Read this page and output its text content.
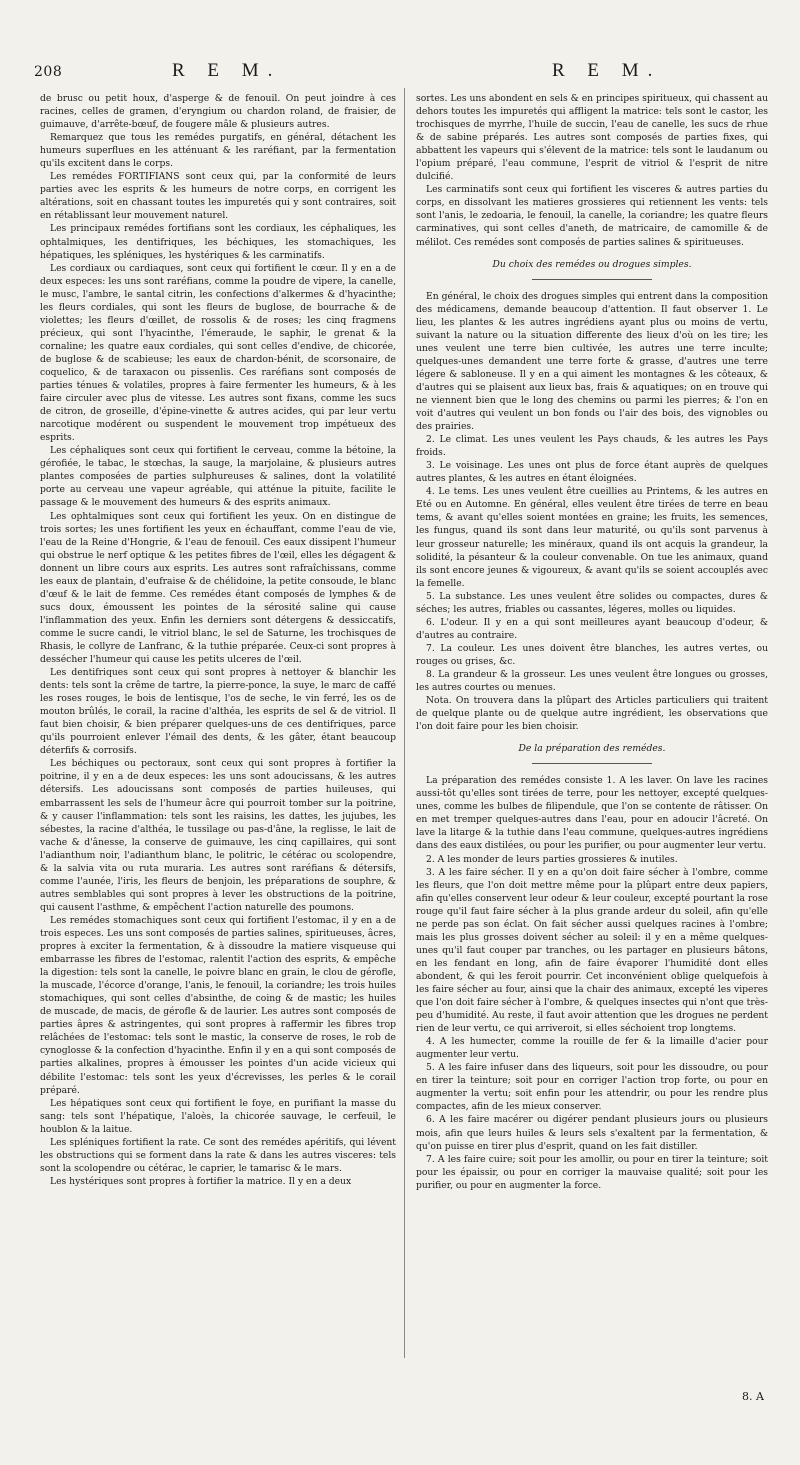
208	R E M.	R E M.

de brusc ou petit houx, d'asperge & de fenouil. On peut joindre à ces racines, celles de gramen, d'eryngium ou chardon roland, de fraisier, de guimauve, d'arrête-bœuf, de fougere mâle & plusieurs autres.

Remarquez que tous les remédes purgatifs, en général, détachent les humeurs superflues en les atténuant & les raréfiant, par la fermentation qu'ils excitent dans le corps.

Les remédes FORTIFIANS sont ceux qui, par la conformité de leurs parties avec les esprits & les humeurs de notre corps, en corrigent les altérations, soit en chassant toutes les impuretés qui y sont contraires, soit en rétablissant leur mouvement naturel.

Les principaux remédes fortifians sont les cordiaux, les céphaliques, les ophtalmiques, les dentifriques, les béchiques, les stomachiques, les hépatiques, les spléniques, les hystériques & les carminatifs.

Les cordiaux ou cardiaques, sont ceux qui fortifient le cœur. Il y en a de deux especes: les uns sont raréfians, comme la poudre de vipere, la canelle, le musc, l'ambre, le santal citrin, les confections d'alkermes & d'hyacinthe; les fleurs cordiales, qui sont les fleurs de buglose, de bourrache & de violettes; les fleurs d'œillet, de rossolis & de roses; les cinq fragmens précieux, qui sont l'hyacinthe, l'émeraude, le saphir, le grenat & la cornaline; les quatre eaux cordiales, qui sont celles d'endive, de chicorée, de buglose & de scabieuse; les eaux de chardon-bénit, de scorsonaire, de coquelico, & de taraxacon ou pissenlis. Ces raréfians sont composés de parties ténues & volatiles, propres à faire fermenter les humeurs, & à les faire circuler avec plus de vitesse. Les autres sont fixans, comme les sucs de citron, de groseille, d'épine-vinette & autres acides, qui par leur vertu narcotique modérent ou suspendent le mouvement trop impétueux des esprits.

Les céphaliques sont ceux qui fortifient le cerveau, comme la bétoine, la gérofiée, le tabac, le stœchas, la sauge, la marjolaine, & plusieurs autres plantes composées de parties sulphureuses & salines, dont la volatilité porte au cerveau une vapeur agréable, qui atténue la pituite, facilite le passage & le mouvement des humeurs & des esprits animaux.

Les ophtalmiques sont ceux qui fortifient les yeux. On en distingue de trois sortes; les unes fortifient les yeux en échauffant, comme l'eau de vie, l'eau de la Reine d'Hongrie, & l'eau de fenouil. Ces eaux dissipent l'humeur qui obstrue le nerf optique & les petites fibres de l'œil, elles les dégagent & donnent un libre cours aux esprits. Les autres sont rafraîchissans, comme les eaux de plantain, d'eufraise & de chélidoine, la petite consoude, le blanc d'œuf & le lait de femme. Ces remédes étant composés de lymphes & de sucs doux, émoussent les pointes de la sérosité saline qui cause l'inflammation des yeux. Enfin les derniers sont détergens & dessiccatifs, comme le sucre candi, le vitriol blanc, le sel de Saturne, les trochisques de Rhasis, le collyre de Lanfranc, & la tuthie préparée. Ceux-ci sont propres à dessécher l'humeur qui cause les petits ulceres de l'œil.

Les dentifriques sont ceux qui sont propres à nettoyer & blanchir les dents: tels sont la crême de tartre, la pierre-ponce, la suye, le marc de caffé les roses rouges, le bois de lentisque, l'os de seche, le vin ferré, les os de mouton brûlés, le corail, la racine d'althéa, les esprits de sel & de vitriol. Il faut bien choisir, & bien préparer quelques-uns de ces dentifriques, parce qu'ils pourroient enlever l'émail des dents, & les gâter, étant beaucoup déterfifs & corrosifs.

Les béchiques ou pectoraux, sont ceux qui sont propres à fortifier la poitrine, il y en a de deux especes: les uns sont adoucissans, & les autres détersifs. Les adoucissans sont composés de parties huileuses, qui embarrassent les sels de l'humeur âcre qui pourroit tomber sur la poitrine, & y causer l'inflammation: tels sont les raisins, les dattes, les jujubes, les sébestes, la racine d'althéa, le tussilage ou pas-d'âne, la reglisse, le lait de vache & d'ânesse, la conserve de guimauve, les cinq capillaires, qui sont l'adianthum noir, l'adianthum blanc, le politric, le cétérac ou scolopendre, & la salvia vita ou ruta muraria. Les autres sont raréfians & détersifs, comme l'aunée, l'iris, les fleurs de benjoin, les préparations de souphre, & autres semblables qui sont propres à lever les obstructions de la poitrine, qui causent l'asthme, & empêchent l'action naturelle des poumons.

Les remédes stomachiques sont ceux qui fortifient l'estomac, il y en a de trois especes. Les uns sont composés de parties salines, spiritueuses, âcres, propres à exciter la fermentation, & à dissoudre la matiere visqueuse qui embarrasse les fibres de l'estomac, ralentit l'action des esprits, & empêche la digestion: tels sont la canelle, le poivre blanc en grain, le clou de gérofle, la muscade, l'écorce d'orange, l'anis, le fenouil, la coriandre; les trois huiles stomachiques, qui sont celles d'absinthe, de coing & de mastic; les huiles de muscade, de macis, de gérofle & de laurier. Les autres sont composés de parties âpres & astringentes, qui sont propres à raffermir les fibres trop relâchées de l'estomac: tels sont le mastic, la conserve de roses, le rob de cynoglosse & la confection d'hyacinthe. Enfin il y en a qui sont composés de parties alkalines, propres à émousser les pointes d'un acide vicieux qui débilite l'estomac: tels sont les yeux d'écrevisses, les perles & le corail préparé.

Les hépatiques sont ceux qui fortifient le foye, en purifiant la masse du sang: tels sont l'hépatique, l'aloès, la chicorée sauvage, le cerfeuil, le houblon & la laitue.

Les spléniques fortifient la rate. Ce sont des remédes apéritifs, qui lévent les obstructions qui se forment dans la rate & dans les autres visceres: tels sont la scolopendre ou cétérac, le caprier, le tamarisc & le mars.

Les hystériques sont propres à fortifier la matrice. Il y en a deux

sortes. Les uns abondent en sels & en principes spiritueux, qui chassent au dehors toutes les impuretés qui affligent la matrice: tels sont le castor, les trochisques de myrrhe, l'huile de succin, l'eau de canelle, les sucs de rhue & de sabine préparés. Les autres sont composés de parties fixes, qui abbattent les vapeurs qui s'élevent de la matrice: tels sont le laudanum ou l'opium préparé, l'eau commune, l'esprit de vitriol & l'esprit de nitre dulcifié.

Les carminatifs sont ceux qui fortifient les visceres & autres parties du corps, en dissolvant les matieres grossieres qui retiennent les vents: tels sont l'anis, le zedoaria, le fenouil, la canelle, la coriandre; les quatre fleurs carminatives, qui sont celles d'aneth, de matricaire, de camomille & de mélilot. Ces remédes sont composés de parties salines & spiritueuses.

Du choix des remédes ou drogues simples.

En général, le choix des drogues simples qui entrent dans la composition des médicamens, demande beaucoup d'attention. Il faut observer 1. Le lieu, les plantes & les autres ingrédiens ayant plus ou moins de vertu, suivant la nature ou la situation differente des lieux d'où on les tire; les unes veulent une terre bien cultivée, les autres une terre inculte; quelques-unes demandent une terre forte & grasse, d'autres une terre légere & sabloneuse. Il y en a qui aiment les montagnes & les côteaux, & d'autres qui se plaisent aux lieux bas, frais & aquatiques; on en trouve qui ne viennent bien que le long des chemins ou parmi les pierres; & l'on en voit d'autres qui veulent un bon fonds ou l'air des bois, des vignobles ou des prairies.

2. Le climat. Les unes veulent les Pays chauds, & les autres les Pays froids.

3. Le voisinage. Les unes ont plus de force étant auprès de quelques autres plantes, & les autres en étant éloignées.

4. Le tems. Les unes veulent être cueillies au Printems, & les autres en Eté ou en Automne. En général, elles veulent être tirées de terre en beau tems, & avant qu'elles soient montées en graine; les fruits, les semences, les fungus, quand ils sont dans leur maturité, ou qu'ils sont parvenus à leur grosseur naturelle; les minéraux, quand ils ont acquis la grandeur, la solidité, la pésanteur & la couleur convenable. On tue les animaux, quand ils sont encore jeunes & vigoureux, & avant qu'ils se soient accouplés avec la femelle.

5. La substance. Les unes veulent être solides ou compactes, dures & séches; les autres, friables ou cassantes, légeres, molles ou liquides.

6. L'odeur. Il y en a qui sont meilleures ayant beaucoup d'odeur, & d'autres au contraire.

7. La couleur. Les unes doivent être blanches, les autres vertes, ou rouges ou grises, &c.

8. La grandeur & la grosseur. Les unes veulent être longues ou grosses, les autres courtes ou menues.

Nota. On trouvera dans la plûpart des Articles particuliers qui traitent de quelque plante ou de quelque autre ingrédient, les observations que l'on doit faire pour les bien choisir.

De la préparation des remédes.

La préparation des remédes consiste 1. A les laver. On lave les racines aussi-tôt qu'elles sont tirées de terre, pour les nettoyer, excepté quelques-unes, comme les bulbes de filipendule, que l'on se contente de râtisser. On en met tremper quelques-autres dans l'eau, pour en adoucir l'âcreté. On lave la litarge & la tuthie dans l'eau commune, quelques-autres ingrédiens dans des eaux distilées, ou pour les purifier, ou pour augmenter leur vertu.

2. A les monder de leurs parties grossieres & inutiles.

3. A les faire sécher. Il y en a qu'on doit faire sécher à l'ombre, comme les fleurs, que l'on doit mettre même pour la plûpart entre deux papiers, afin qu'elles conservent leur odeur & leur couleur, excepté pourtant la rose rouge qu'il faut faire sécher à la plus grande ardeur du soleil, afin qu'elle ne perde pas son éclat. On fait sécher aussi quelques racines à l'ombre; mais les plus grosses doivent sécher au soleil: il y en a même quelques-unes qu'il faut couper par tranches, ou les partager en plusieurs bâtons, en les fendant en long, afin de faire évaporer l'humidité dont elles abondent, & qui les feroit pourrir. Cet inconvénient oblige quelquefois à les faire sécher au four, ainsi que la chair des animaux, excepté les viperes que l'on doit faire sécher à l'ombre, & quelques insectes qui n'ont que très-peu d'humidité. Au reste, il faut avoir attention que les drogues ne perdent rien de leur vertu, ce qui arriveroit, si elles séchoient trop longtems.

4. A les humecter, comme la rouille de fer & la limaille d'acier pour augmenter leur vertu.

5. A les faire infuser dans des liqueurs, soit pour les dissoudre, ou pour en tirer la teinture; soit pour en corriger l'action trop forte, ou pour en augmenter la vertu; soit enfin pour les attendrir, ou pour les rendre plus compactes, afin de les mieux conserver.

6. A les faire macérer ou digérer pendant plusieurs jours ou plusieurs mois, afin que leurs huiles & leurs sels s'exaltent par la fermentation, & qu'on puisse en tirer plus d'esprit, quand on les fait distiller.

7. A les faire cuire; soit pour les amollir, ou pour en tirer la teinture; soit pour les épaissir, ou pour en corriger la mauvaise qualité; soit pour les purifier, ou pour en augmenter la force.

8. A
